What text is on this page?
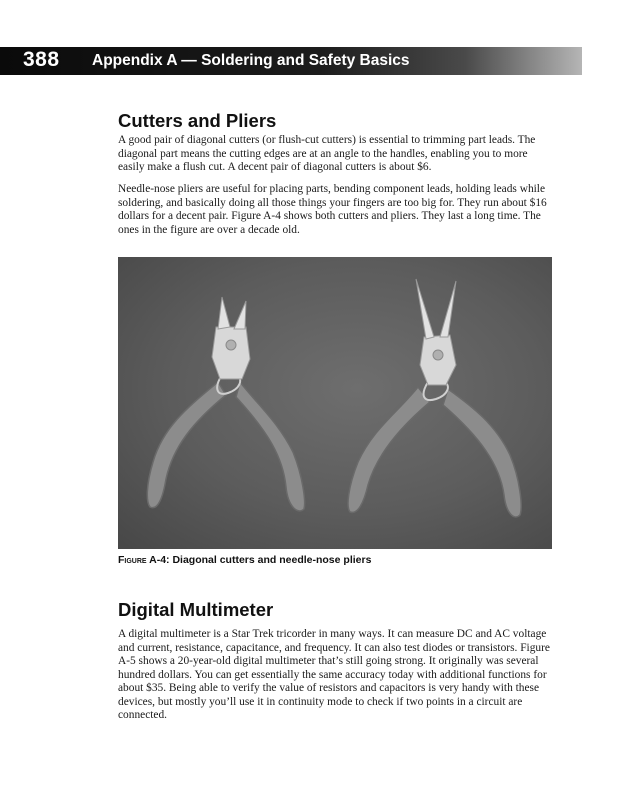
388 Appendix A — Soldering and Safety Basics
Cutters and Pliers

A good pair of diagonal cutters (or flush-cut cutters) is essential to trimming part leads. The diagonal part means the cutting edges are at an angle to the handles, enabling you to more easily make a flush cut. A decent pair of diagonal cutters is about $6.

Needle-nose pliers are useful for placing parts, bending component leads, holding leads while soldering, and basically doing all those things your fingers are too big for. They run about $16 dollars for a decent pair. Figure A-4 shows both cutters and pliers. They last a long time. The ones in the figure are over a decade old.

Figure A-4: Diagonal cutters and needle-nose pliers
Digital Multimeter

A digital multimeter is a Star Trek tricorder in many ways. It can measure DC and AC voltage and current, resistance, capacitance, and frequency. It can also test diodes or transistors. Figure A-5 shows a 20-year-old digital multimeter that’s still going strong. It originally was several hundred dollars. You can get essentially the same accuracy today with additional functions for about $35. Being able to verify the value of resistors and capacitors is very handy with these devices, but mostly you’ll use it in continuity mode to check if two points in a circuit are connected.
